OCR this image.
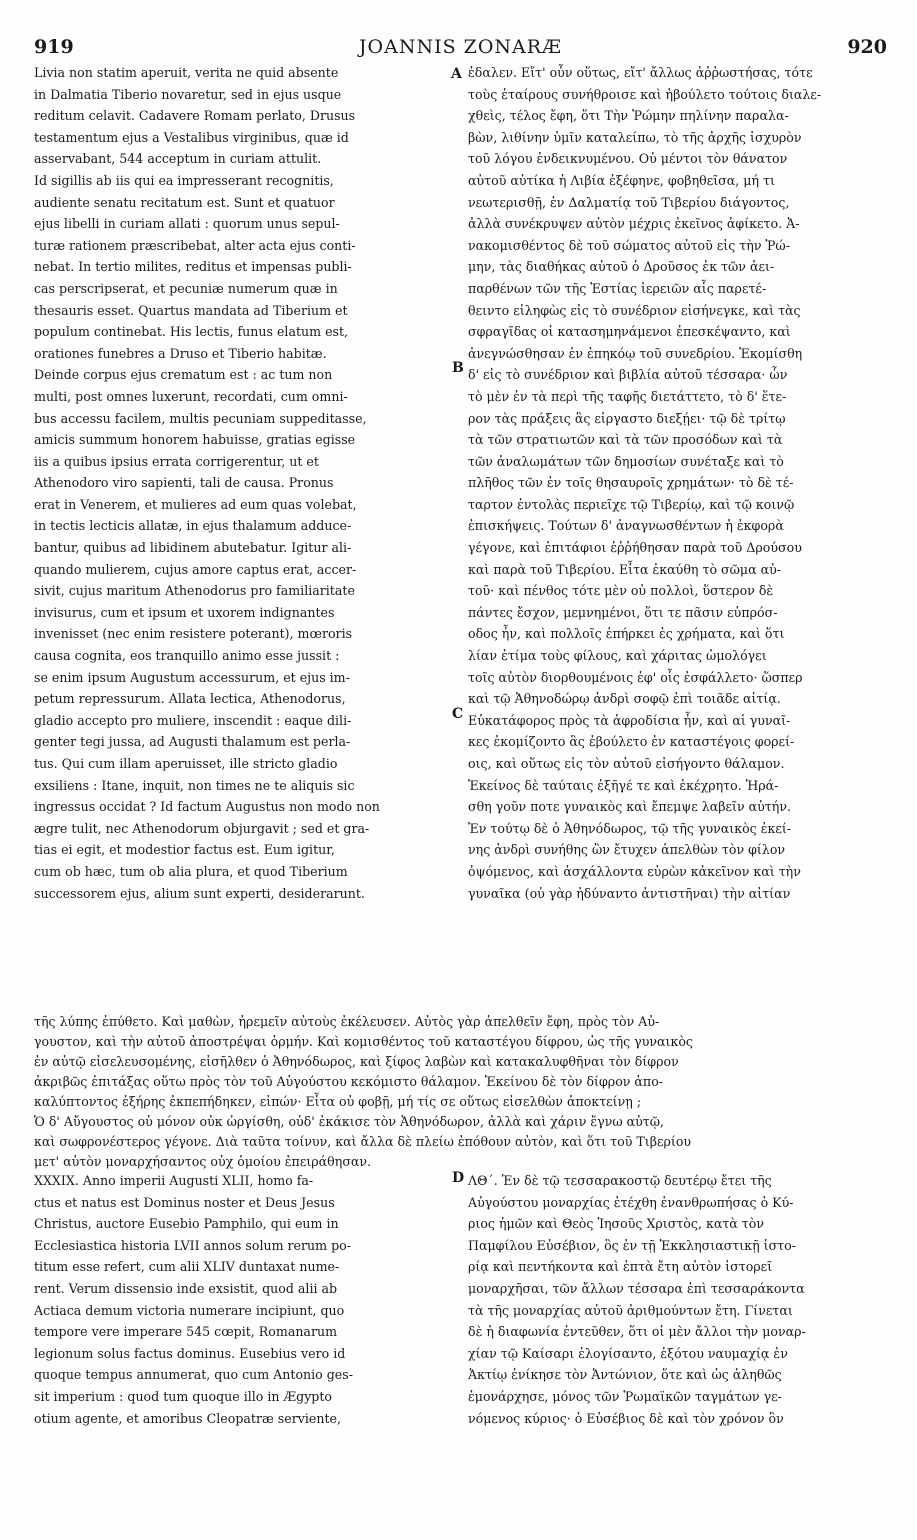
919	JOANNIS ZONARÆ	920
A
B
C
D
Livia non statim aperuit, verita ne quid absente
in Dalmatia Tiberio novaretur, sed in ejus usque
reditum celavit. Cadavere Romam perlato, Drusus
testamentum ejus a Vestalibus virginibus, quæ id
asservabant, 544 acceptum in curiam attulit.
Id sigillis ab iis qui ea impresserant recognitis,
audiente senatu recitatum est. Sunt et quatuor
ejus libelli in curiam allati : quorum unus sepul-
turæ rationem præscribebat, alter acta ejus conti-
nebat. In tertio milites, reditus et impensas publi-
cas perscripserat, et pecuniæ numerum quæ in
thesauris esset. Quartus mandata ad Tiberium et
populum continebat. His lectis, funus elatum est,
orationes funebres a Druso et Tiberio habitæ.
Deinde corpus ejus crematum est : ac tum non
multi, post omnes luxerunt, recordati, cum omni-
bus accessu facilem, multis pecuniam suppeditasse,
amicis summum honorem habuisse, gratias egisse
iis a quibus ipsius errata corrigerentur, ut et
Athenodoro viro sapienti, tali de causa. Pronus
erat in Venerem, et mulieres ad eum quas volebat,
in tectis lecticis allatæ, in ejus thalamum adduce-
bantur, quibus ad libidinem abutebatur. Igitur ali-
quando mulierem, cujus amore captus erat, accer-
sivit, cujus maritum Athenodorus pro familiaritate
invisurus, cum et ipsum et uxorem indignantes
invenisset (nec enim resistere poterant), mœroris
causa cognita, eos tranquillo animo esse jussit :
se enim ipsum Augustum accessurum, et ejus im-
petum repressurum. Allata lectica, Athenodorus,
gladio accepto pro muliere, inscendit : eaque dili-
genter tegi jussa, ad Augusti thalamum est perla-
tus. Qui cum illam aperuisset, ille stricto gladio
exsiliens : Itane, inquit, non times ne te aliquis sic
ingressus occidat ? Id factum Augustus non modo non
ægre tulit, nec Athenodorum objurgavit ; sed et gra-
tias ei egit, et modestior factus est. Eum igitur,
cum ob hæc, tum ob alia plura, et quod Tiberium
successorem ejus, alium sunt experti, desiderarunt.
ἐδαλεν. Εἴτ' οὖν οὕτως, εἴτ' ἄλλως ἀῤῥωστήσας, τότε
τοὺς ἑταίρους συνήθροισε καὶ ἠβούλετο τούτοις διαλε-
χθεὶς, τέλος ἔφη, ὅτι Τὴν Ῥώμην πηλίνην παραλα-
βὼν, λιθίνην ὑμῖν καταλείπω, τὸ τῆς ἀρχῆς ἰσχυρὸν
τοῦ λόγου ἐνδεικνυμένου. Οὐ μέντοι τὸν θάνατον
αὐτοῦ αὐτίκα ἡ Λιβία ἐξέφηνε, φοβηθεῖσα, μή τι
νεωτερισθῇ, ἐν Δαλματίᾳ τοῦ Τιβερίου διάγοντος,
ἀλλὰ συνέκρυψεν αὐτὸν μέχρις ἐκεῖνος ἀφίκετο. Ἀ-
νακομισθέντος δὲ τοῦ σώματος αὐτοῦ εἰς τὴν Ῥώ-
μην, τὰς διαθήκας αὐτοῦ ὁ Δροῦσος ἐκ τῶν ἀει-
παρθένων τῶν τῆς Ἑστίας ἱερειῶν αἷς παρετέ-
θειντο εἰληφὼς εἰς τὸ συνέδριον εἰσήνεγκε, καὶ τὰς
σφραγῖδας οἱ κατασημηνάμενοι ἐπεσκέψαντο, καὶ
ἀνεγνώσθησαν ἐν ἐπηκόῳ τοῦ συνεδρίου. Ἐκομίσθη
δ' εἰς τὸ συνέδριον καὶ βιβλία αὐτοῦ τέσσαρα· ὧν
τὸ μὲν ἐν τὰ περὶ τῆς ταφῆς διετάττετο, τὸ δ' ἕτε-
ρον τὰς πράξεις ἃς εἰργαστο διεξῄει· τῷ δὲ τρίτῳ
τὰ τῶν στρατιωτῶν καὶ τὰ τῶν προσόδων καὶ τὰ
τῶν ἀναλωμάτων τῶν δημοσίων συνέταξε καὶ τὸ
πλῆθος τῶν ἐν τοῖς θησαυροῖς χρημάτων· τὸ δὲ τέ-
ταρτον ἐντολὰς περιεῖχε τῷ Τιβερίῳ, καὶ τῷ κοινῷ
ἐπισκήψεις. Τούτων δ' ἀναγνωσθέντων ἡ ἐκφορὰ
γέγονε, καὶ ἐπιτάφιοι ἐῤῥήθησαν παρὰ τοῦ Δρούσου
καὶ παρὰ τοῦ Τιβερίου. Εἶτα ἐκαύθη τὸ σῶμα αὐ-
τοῦ· καὶ πένθος τότε μὲν οὐ πολλοὶ, ὕστερον δὲ
πάντες ἔσχον, μεμνημένοι, ὅτι τε πᾶσιν εὐπρόσ-
οδος ἦν, καὶ πολλοῖς ἐπήρκει ἐς χρήματα, καὶ ὅτι
λίαν ἐτίμα τοὺς φίλους, καὶ χάριτας ὡμολόγει
τοῖς αὐτὸν διορθουμένοις ἐφ' οἷς ἐσφάλλετο· ὥσπερ
καὶ τῷ Ἀθηνοδώρῳ ἀνδρὶ σοφῷ ἐπὶ τοιᾶδε αἰτίᾳ.
Εὐκατάφορος πρὸς τὰ ἀφροδίσια ἦν, καὶ αἱ γυναῖ-
κες ἐκομίζοντο ἃς ἐβούλετο ἐν καταστέγοις φορεί-
οις, καὶ οὕτως εἰς τὸν αὐτοῦ εἰσήγοντο θάλαμον.
Ἐκείνος δὲ ταύταις ἐξῆγέ τε καὶ ἐκέχρητο. Ἠρά-
σθη γοῦν ποτε γυναικὸς καὶ ἔπεμψε λαβεῖν αὐτήν.
Ἐν τούτῳ δὲ ὁ Ἀθηνόδωρος, τῷ τῆς γυναικὸς ἐκεί-
νης ἀνδρὶ συνήθης ὢν ἔτυχεν ἀπελθὼν τὸν φίλον
ὀψόμενος, καὶ ἀσχάλλοντα εὑρὼν κἀκεῖνον καὶ τὴν
γυναῖκα (οὐ γὰρ ἠδύναντο ἀντιστῆναι) τὴν αἰτίαν
τῆς λύπης ἐπύθετο. Καὶ μαθὼν, ἠρεμεῖν αὐτοὺς ἐκέλευσεν. Αὐτὸς γὰρ ἀπελθεῖν ἔφη, πρὸς τὸν Αὐ-
γουστον, καὶ τὴν αὐτοῦ ἀποστρέψαι ὁρμήν. Καὶ κομισθέντος τοῦ καταστέγου δίφρου, ὡς τῆς γυναικὸς
ἐν αὐτῷ εἰσελευσομένης, εἰσῆλθεν ὁ Ἀθηνόδωρος, καὶ ξίφος λαβὼν καὶ κατακαλυφθῆναι τὸν δίφρον
ἀκριβῶς ἐπιτάξας οὕτω πρὸς τὸν τοῦ Αὐγούστου κεκόμιστο θάλαμον. Ἐκείνου δὲ τὸν δίφρον ἀπο-
καλύπτοντος ἐξήρης ἐκπεπήδηκεν, εἰπών· Εἶτα οὐ φοβῇ, μή τίς σε οὕτως εἰσελθὼν ἀποκτείνῃ ;
Ὁ δ' Αὔγουστος οὐ μόνον οὐκ ὠργίσθη, οὐδ' ἐκάκισε τὸν Ἀθηνόδωρον, ἀλλὰ καὶ χάριν ἔγνω αὐτῷ,
καὶ σωφρονέστερος γέγονε. Διὰ ταῦτα τοίνυν, καὶ ἄλλα δὲ πλείω ἐπόθουν αὐτὸν, καὶ ὅτι τοῦ Τιβερίου
μετ' αὐτὸν μοναρχήσαντος οὐχ ὁμοίου ἐπειράθησαν.
XXXIX. Anno imperii Augusti XLII, homo fa-
ctus et natus est Dominus noster et Deus Jesus
Christus, auctore Eusebio Pamphilo, qui eum in
Ecclesiastica historia LVII annos solum rerum po-
titum esse refert, cum alii XLIV duntaxat nume-
rent. Verum dissensio inde exsistit, quod alii ab
Actiaca demum victoria numerare incipiunt, quo
tempore vere imperare 545 cœpit, Romanarum
legionum solus factus dominus. Eusebius vero id
quoque tempus annumerat, quo cum Antonio ges-
sit imperium : quod tum quoque illo in Ægypto
otium agente, et amoribus Cleopatræ serviente,
ΛΘ΄. Ἐν δὲ τῷ τεσσαρακοστῷ δευτέρῳ ἔτει τῆς
Αὐγούστου μοναρχίας ἐτέχθη ἐνανθρωπήσας ὁ Κύ-
ριος ἡμῶν καὶ Θεὸς Ἰησοῦς Χριστὸς, κατὰ τὸν
Παμφίλου Εὐσέβιον, ὃς ἐν τῇ Ἐκκλησιαστικῇ ἱστο-
ρίᾳ καὶ πεντήκοντα καὶ ἑπτὰ ἔτη αὐτὸν ἱστορεῖ
μοναρχῆσαι, τῶν ἄλλων τέσσαρα ἐπὶ τεσσαράκοντα
τὰ τῆς μοναρχίας αὐτοῦ ἀριθμούντων ἔτη. Γίνεται
δὲ ἡ διαφωνία ἐντεῦθεν, ὅτι οἱ μὲν ἄλλοι τὴν μοναρ-
χίαν τῷ Καίσαρι ἐλογίσαντο, ἐξότου ναυμαχίᾳ ἐν
Ἀκτίῳ ἐνίκησε τὸν Ἀντώνιον, ὅτε καὶ ὡς ἀληθῶς
ἐμονάρχησε, μόνος τῶν Ῥωμαϊκῶν ταγμάτων γε-
νόμενος κύριος· ὁ Εὐσέβιος δὲ καὶ τὸν χρόνον ὃν
